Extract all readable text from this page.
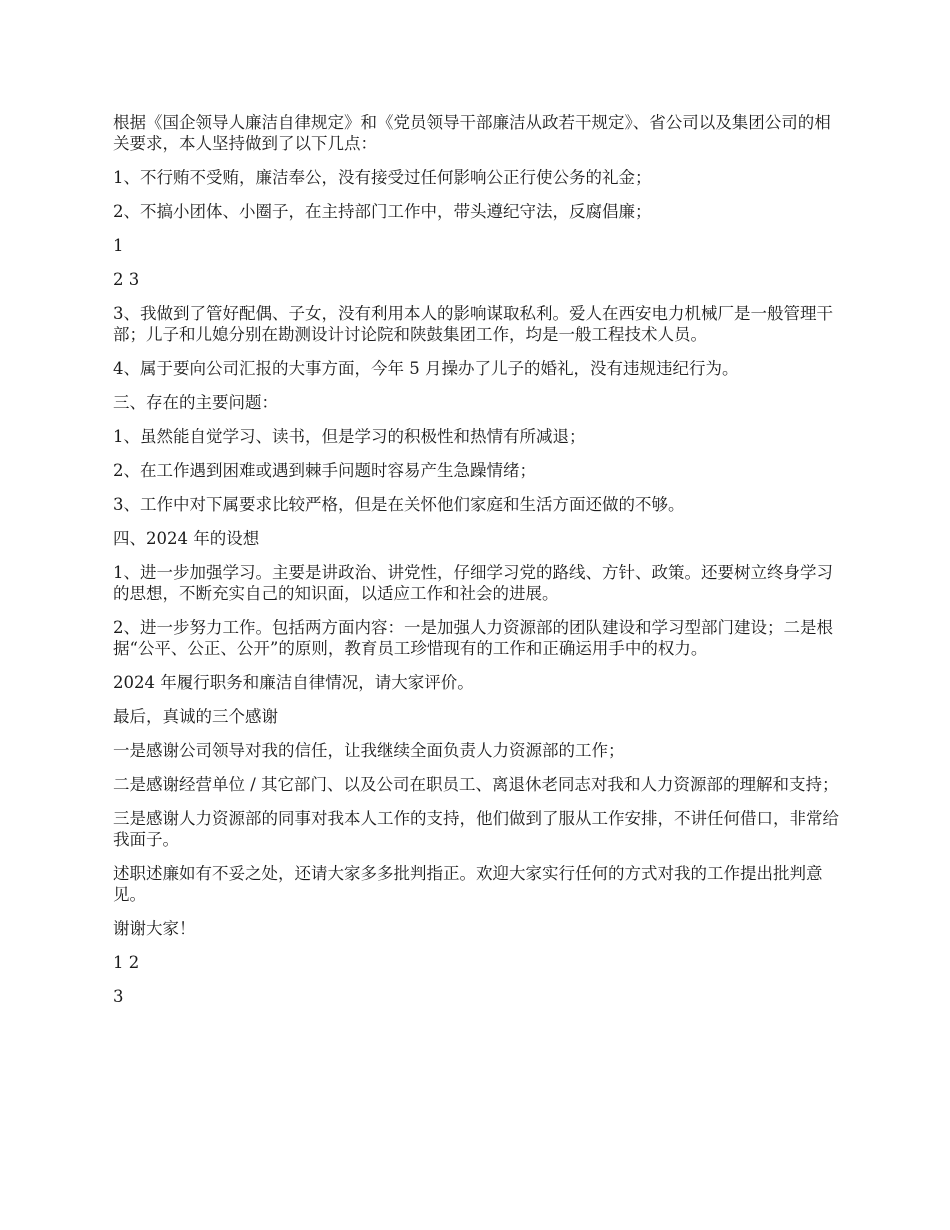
根据《国企领导人廉洁自律规定》和《党员领导干部廉洁从政若干规定》、省公司以及集团公司的相关要求，本人坚持做到了以下几点：

1、不行贿不受贿，廉洁奉公，没有接受过任何影响公正行使公务的礼金；

2、不搞小团体、小圈子，在主持部门工作中，带头遵纪守法，反腐倡廉；

1

2 3

3、我做到了管好配偶、子女，没有利用本人的影响谋取私利。爱人在西安电力机械厂是一般管理干部；儿子和儿媳分别在勘测设计讨论院和陕鼓集团工作，均是一般工程技术人员。

4、属于要向公司汇报的大事方面，今年 5 月操办了儿子的婚礼，没有违规违纪行为。

三、存在的主要问题：

1、虽然能自觉学习、读书，但是学习的积极性和热情有所减退；

2、在工作遇到困难或遇到棘手问题时容易产生急躁情绪；

3、工作中对下属要求比较严格，但是在关怀他们家庭和生活方面还做的不够。

四、2024 年的设想

1、进一步加强学习。主要是讲政治、讲党性，仔细学习党的路线、方针、政策。还要树立终身学习的思想，不断充实自己的知识面，以适应工作和社会的进展。

2、进一步努力工作。包括两方面内容：一是加强人力资源部的团队建设和学习型部门建设；二是根据“公平、公正、公开”的原则，教育员工珍惜现有的工作和正确运用手中的权力。

2024 年履行职务和廉洁自律情况，请大家评价。

最后，真诚的三个感谢

一是感谢公司领导对我的信任，让我继续全面负责人力资源部的工作；

二是感谢经营单位 / 其它部门、以及公司在职员工、离退休老同志对我和人力资源部的理解和支持；

三是感谢人力资源部的同事对我本人工作的支持，他们做到了服从工作安排，不讲任何借口，非常给我面子。

述职述廉如有不妥之处，还请大家多多批判指正。欢迎大家实行任何的方式对我的工作提出批判意见。

谢谢大家！

1 2

3
